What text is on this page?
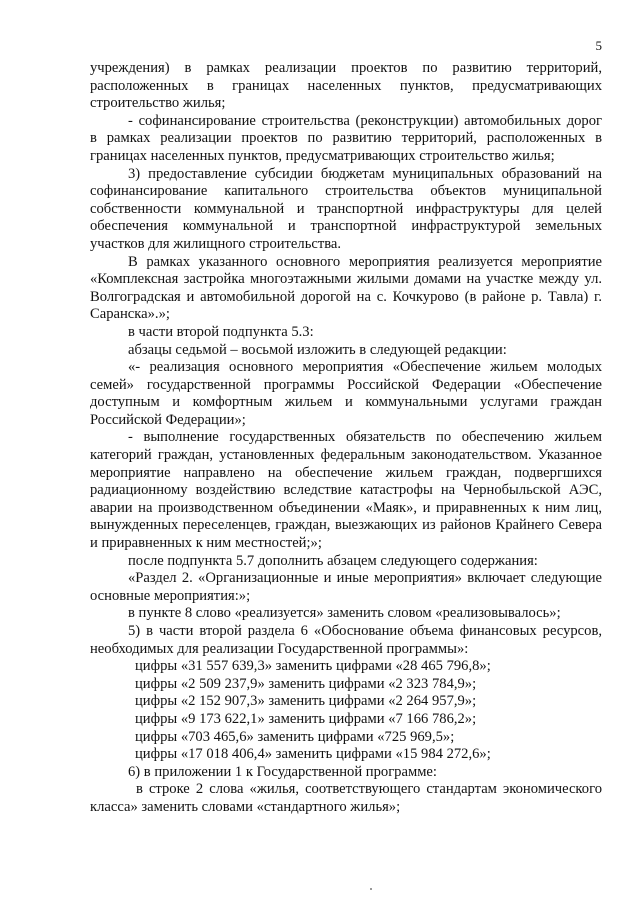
5

учреждения) в рамках реализации проектов по развитию территорий, расположенных в границах населенных пунктов, предусматривающих строительство жилья;

- софинансирование строительства (реконструкции) автомобильных дорог в рамках реализации проектов по развитию территорий, расположенных в границах населенных пунктов, предусматривающих строительство жилья;

3) предоставление субсидии бюджетам муниципальных образований на софинансирование капитального строительства объектов муниципальной собственности коммунальной и транспортной инфраструктуры для целей обеспечения коммунальной и транспортной инфраструктурой земельных участков для жилищного строительства.

В рамках указанного основного мероприятия реализуется мероприятие «Комплексная застройка многоэтажными жилыми домами на участке между ул. Волгоградская и автомобильной дорогой на с. Кочкурово (в районе р. Тавла) г. Саранска».»;

в части второй подпункта 5.3:

абзацы седьмой – восьмой изложить в следующей редакции:

«- реализация основного мероприятия «Обеспечение жильем молодых семей» государственной программы Российской Федерации «Обеспечение доступным и комфортным жильем и коммунальными услугами граждан Российской Федерации»;

- выполнение государственных обязательств по обеспечению жильем категорий граждан, установленных федеральным законодательством. Указанное мероприятие направлено на обеспечение жильем граждан, подвергшихся радиационному воздействию вследствие катастрофы на Чернобыльской АЭС, аварии на производственном объединении «Маяк», и приравненных к ним лиц, вынужденных переселенцев, граждан, выезжающих из районов Крайнего Севера и приравненных к ним местностей;»;

после подпункта 5.7 дополнить абзацем следующего содержания:

«Раздел 2. «Организационные и иные мероприятия» включает следующие основные мероприятия:»;

в пункте 8 слово «реализуется» заменить словом «реализовывалось»;

5) в части второй раздела 6 «Обоснование объема финансовых ресурсов, необходимых для реализации Государственной программы»:

цифры «31 557 639,3» заменить цифрами «28 465 796,8»;

цифры «2 509 237,9» заменить цифрами «2 323 784,9»;

цифры «2 152 907,3» заменить цифрами «2 264 957,9»;

цифры «9 173 622,1» заменить цифрами «7 166 786,2»;

цифры «703 465,6» заменить цифрами «725 969,5»;

цифры «17 018 406,4» заменить цифрами «15 984 272,6»;

6) в приложении 1 к Государственной программе:

в строке 2 слова «жилья, соответствующего стандартам экономического класса» заменить словами «стандартного жилья»;
